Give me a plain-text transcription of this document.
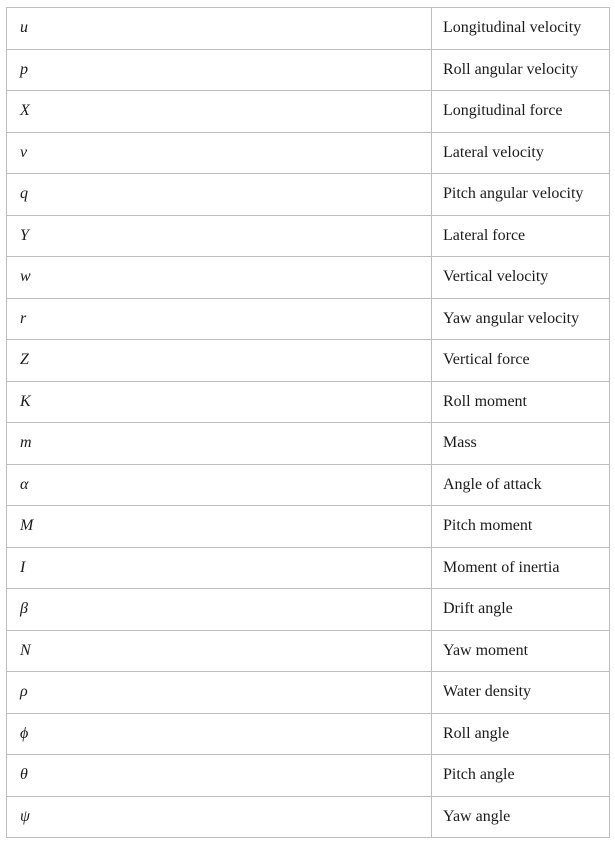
u	Longitudinal velocity
p	Roll angular velocity
X	Longitudinal force
v	Lateral velocity
q	Pitch angular velocity
Y	Lateral force
w	Vertical velocity
r	Yaw angular velocity
Z	Vertical force
K	Roll moment
m	Mass
α	Angle of attack
M	Pitch moment
I	Moment of inertia
β	Drift angle
N	Yaw moment
ρ	Water density
ϕ	Roll angle
θ	Pitch angle
ψ	Yaw angle
